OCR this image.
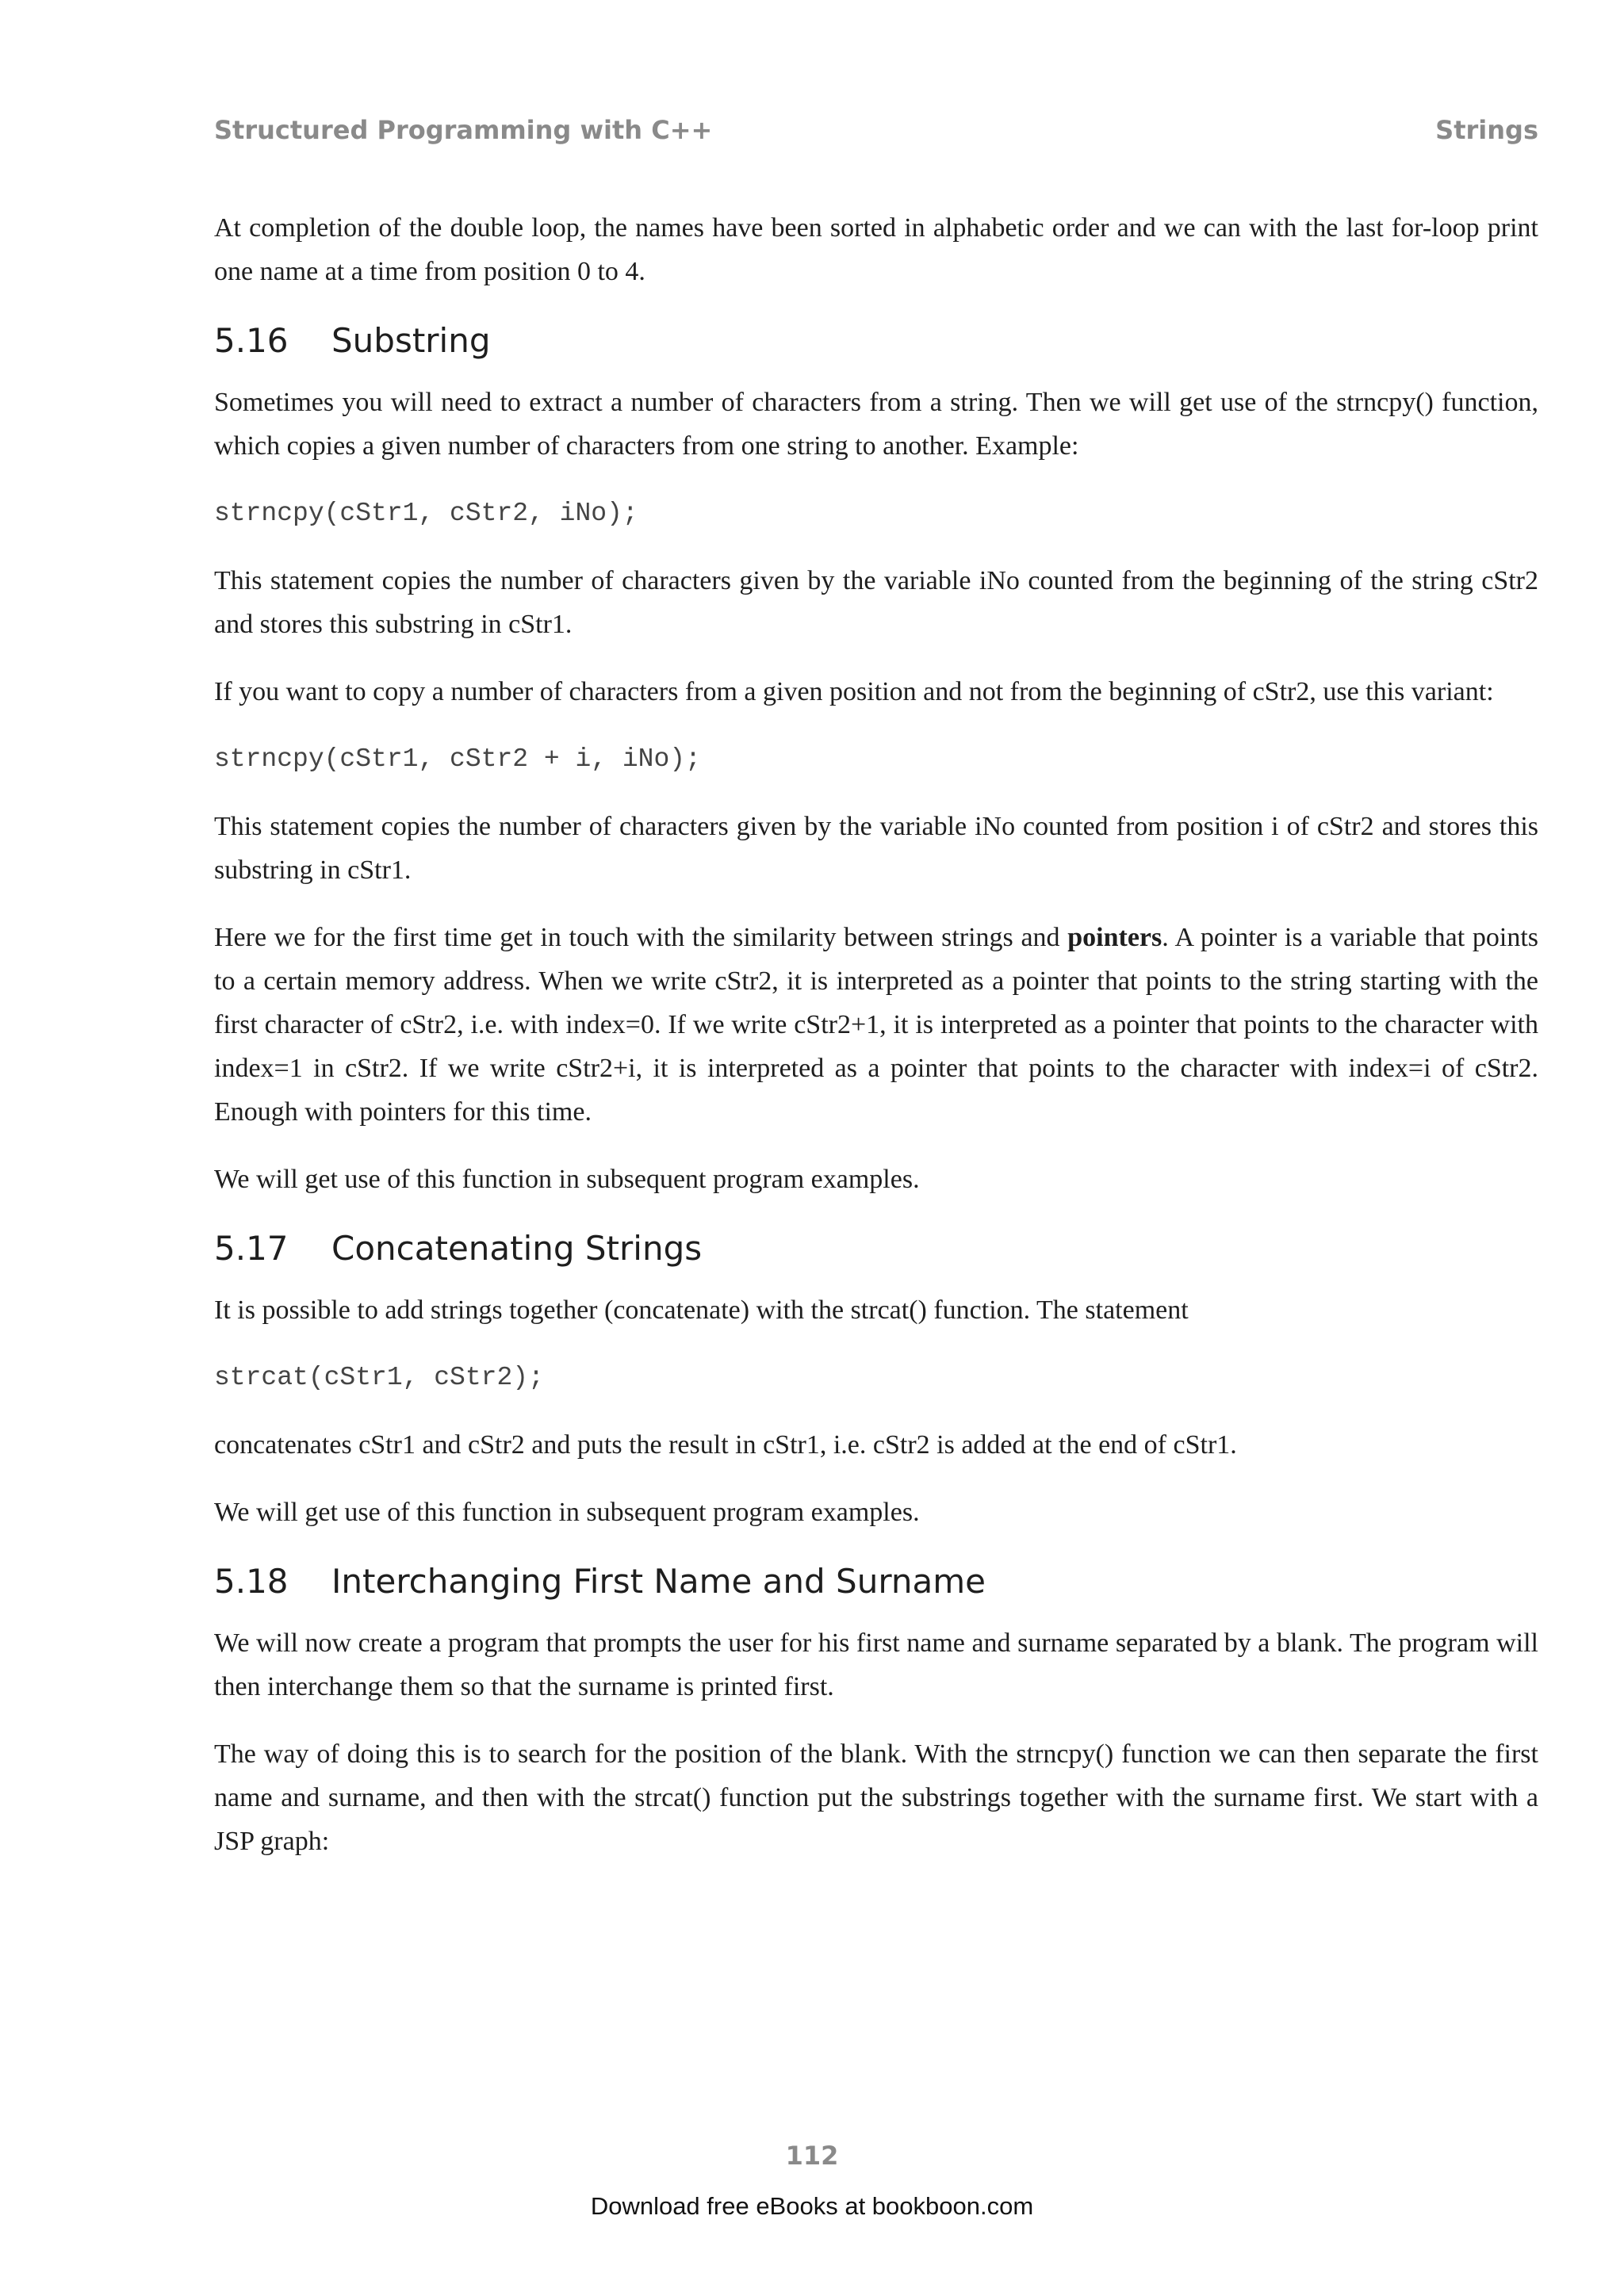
Structured Programming with C++	Strings

At completion of the double loop, the names have been sorted in alphabetic order and we can with the last for-loop print one name at a time from position 0 to 4.

5.16	Substring

Sometimes you will need to extract a number of characters from a string. Then we will get use of the strncpy() function, which copies a given number of characters from one string to another. Example:

strncpy(cStr1, cStr2, iNo);

This statement copies the number of characters given by the variable iNo counted from the beginning of the string cStr2 and stores this substring in cStr1.

If you want to copy a number of characters from a given position and not from the beginning of cStr2, use this variant:

strncpy(cStr1, cStr2 + i, iNo);

This statement copies the number of characters given by the variable iNo counted from position i of cStr2 and stores this substring in cStr1.

Here we for the first time get in touch with the similarity between strings and pointers. A pointer is a variable that points to a certain memory address. When we write cStr2, it is interpreted as a pointer that points to the string starting with the first character of cStr2, i.e. with index=0. If we write cStr2+1, it is interpreted as a pointer that points to the character with index=1 in cStr2. If we write cStr2+i, it is interpreted as a pointer that points to the character with index=i of cStr2. Enough with pointers for this time.

We will get use of this function in subsequent program examples.

5.17	Concatenating Strings

It is possible to add strings together (concatenate) with the strcat() function. The statement

strcat(cStr1, cStr2);

concatenates cStr1 and cStr2 and puts the result in cStr1, i.e. cStr2 is added at the end of cStr1.

We will get use of this function in subsequent program examples.

5.18	Interchanging First Name and Surname

We will now create a program that prompts the user for his first name and surname separated by a blank. The program will then interchange them so that the surname is printed first.

The way of doing this is to search for the position of the blank. With the strncpy() function we can then separate the first name and surname, and then with the strcat() function put the substrings together with the surname first. We start with a JSP graph:

112
Download free eBooks at bookboon.com
